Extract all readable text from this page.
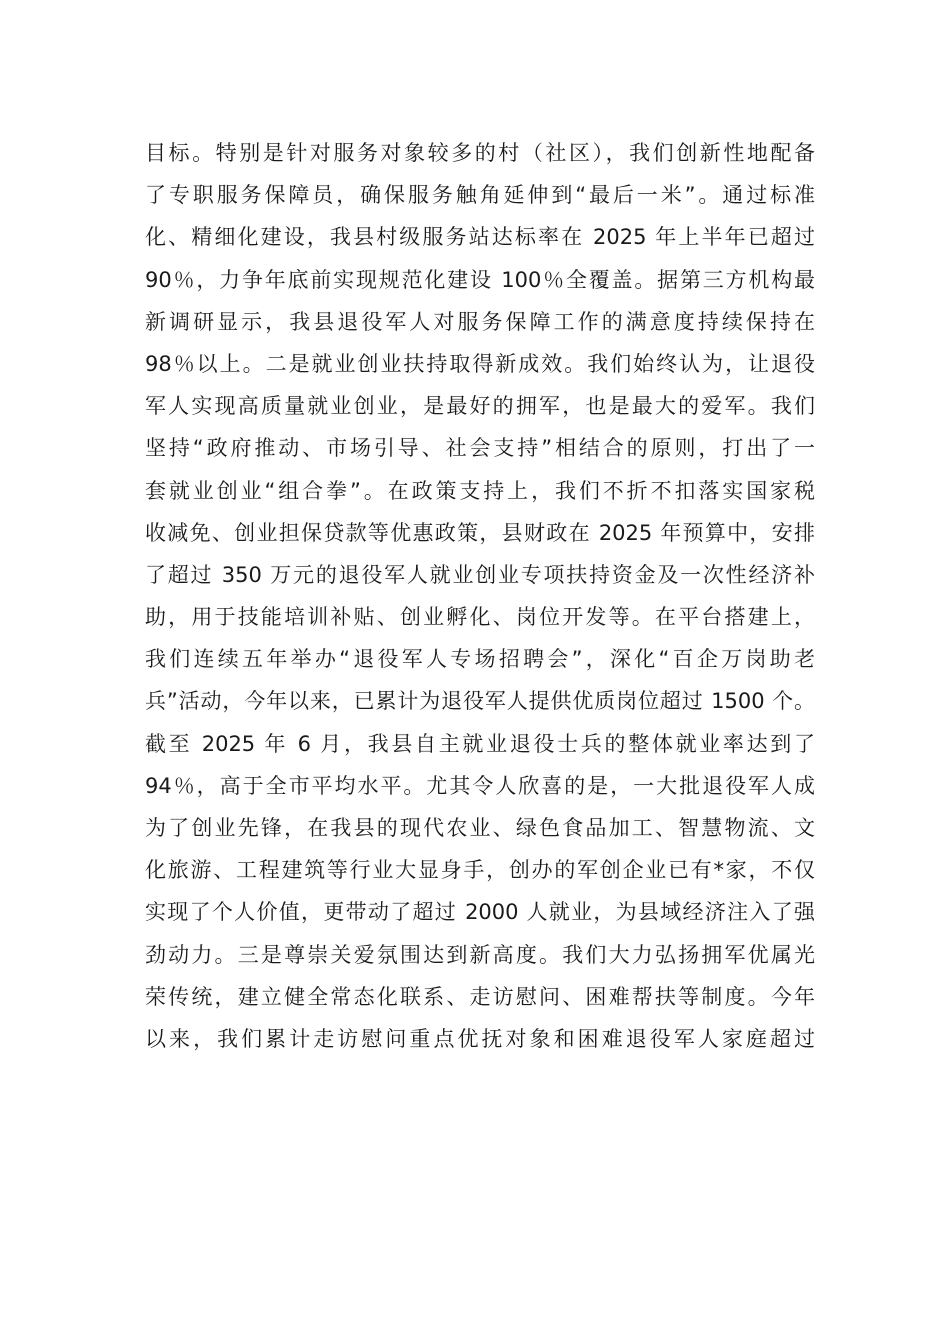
目标。特别是针对服务对象较多的村（社区），我们创新性地配备
了专职服务保障员，确保服务触角延伸到“最后一米”。通过标准
化、精细化建设，我县村级服务站达标率在 2025 年上半年已超过
90％，力争年底前实现规范化建设 100％全覆盖。据第三方机构最
新调研显示，我县退役军人对服务保障工作的满意度持续保持在
98％以上。二是就业创业扶持取得新成效。我们始终认为，让退役
军人实现高质量就业创业，是最好的拥军，也是最大的爱军。我们
坚持“政府推动、市场引导、社会支持”相结合的原则，打出了一
套就业创业“组合拳”。在政策支持上，我们不折不扣落实国家税
收减免、创业担保贷款等优惠政策，县财政在 2025 年预算中，安排
了超过 350 万元的退役军人就业创业专项扶持资金及一次性经济补
助，用于技能培训补贴、创业孵化、岗位开发等。在平台搭建上，
我们连续五年举办“退役军人专场招聘会”，深化“百企万岗助老
兵”活动，今年以来，已累计为退役军人提供优质岗位超过 1500 个。
截至 2025 年 6 月，我县自主就业退役士兵的整体就业率达到了
94％，高于全市平均水平。尤其令人欣喜的是，一大批退役军人成
为了创业先锋，在我县的现代农业、绿色食品加工、智慧物流、文
化旅游、工程建筑等行业大显身手，创办的军创企业已有*家，不仅
实现了个人价值，更带动了超过 2000 人就业，为县域经济注入了强
劲动力。三是尊崇关爱氛围达到新高度。我们大力弘扬拥军优属光
荣传统，建立健全常态化联系、走访慰问、困难帮扶等制度。今年
以来，我们累计走访慰问重点优抚对象和困难退役军人家庭超过
